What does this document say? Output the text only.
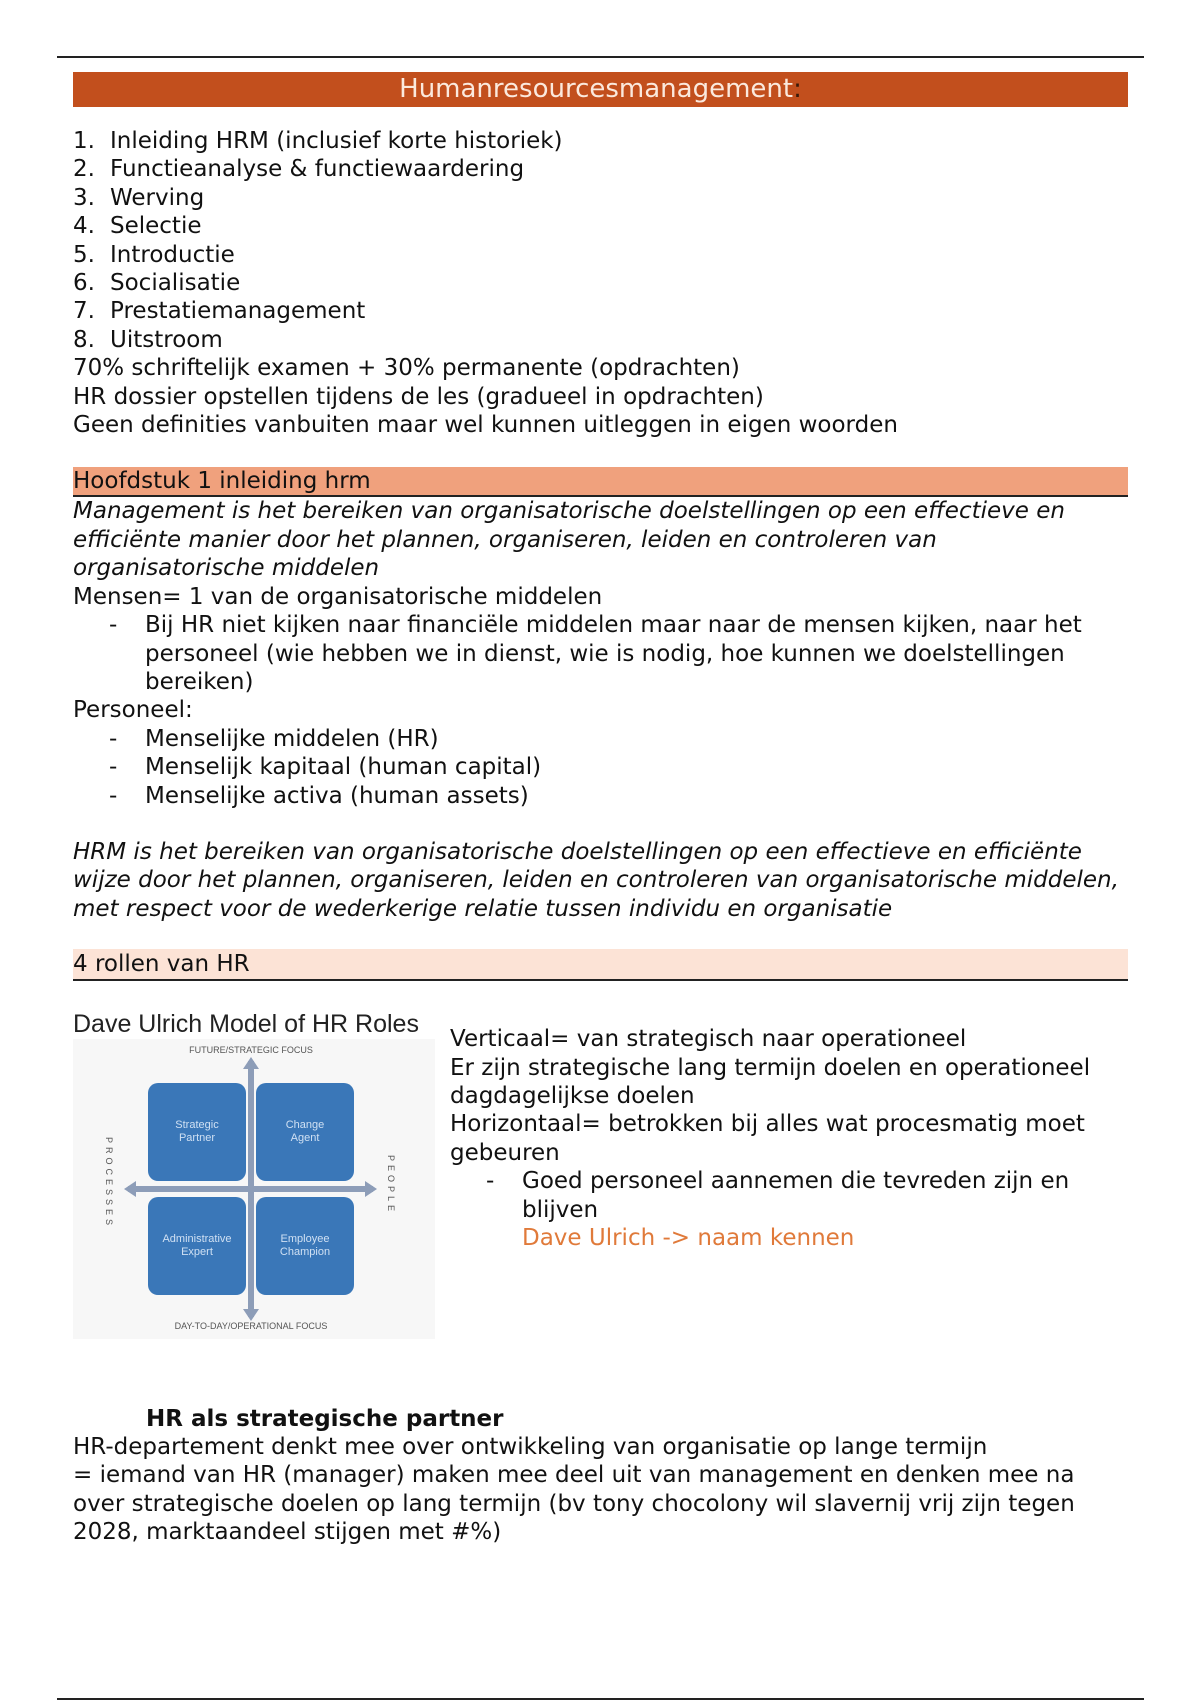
Humanresourcesmanagement:
1. Inleiding HRM (inclusief korte historiek)
2. Functieanalyse & functiewaardering
3. Werving
4. Selectie
5. Introductie
6. Socialisatie
7. Prestatiemanagement
8. Uitstroom

70% schriftelijk examen + 30% permanente (opdrachten)

HR dossier opstellen tijdens de les (gradueel in opdrachten)

Geen definities vanbuiten maar wel kunnen uitleggen in eigen woorden

Hoofdstuk 1 inleiding hrm

Management is het bereiken van organisatorische doelstellingen op een effectieve en efficiënte manier door het plannen, organiseren, leiden en controleren van organisatorische middelen

Mensen= 1 van de organisatorische middelen

-	Bij HR niet kijken naar financiële middelen maar naar de mensen kijken, naar het personeel (wie hebben we in dienst, wie is nodig, hoe kunnen we doelstellingen bereiken)

Personeel:

-	Menselijke middelen (HR)
-	Menselijk kapitaal (human capital)
-	Menselijke activa (human assets)

HRM is het bereiken van organisatorische doelstellingen op een effectieve en efficiënte wijze door het plannen, organiseren, leiden en controleren van organisatorische middelen, met respect voor de wederkerige relatie tussen individu en organisatie

4 rollen van HR
Dave Ulrich Model of HR Roles
FUTURE/STRATEGIC FOCUS
DAY-TO-DAY/OPERATIONAL FOCUS
Strategic
Partner
Change
Agent
Administrative
Expert
Employee
Champion
PROCESSES	PEOPLE

Verticaal= van strategisch naar operationeel

Er zijn strategische lang termijn doelen en operationeel dagdagelijkse doelen

Horizontaal= betrokken bij alles wat procesmatig moet gebeuren

-	Goed personeel aannemen die tevreden zijn en blijven
Dave Ulrich -> naam kennen
HR als strategische partner

HR-departement denkt mee over ontwikkeling van organisatie op lange termijn

= iemand van HR (manager) maken mee deel uit van management en denken mee na over strategische doelen op lang termijn (bv tony chocolony wil slavernij vrij zijn tegen 2028, marktaandeel stijgen met #%)
